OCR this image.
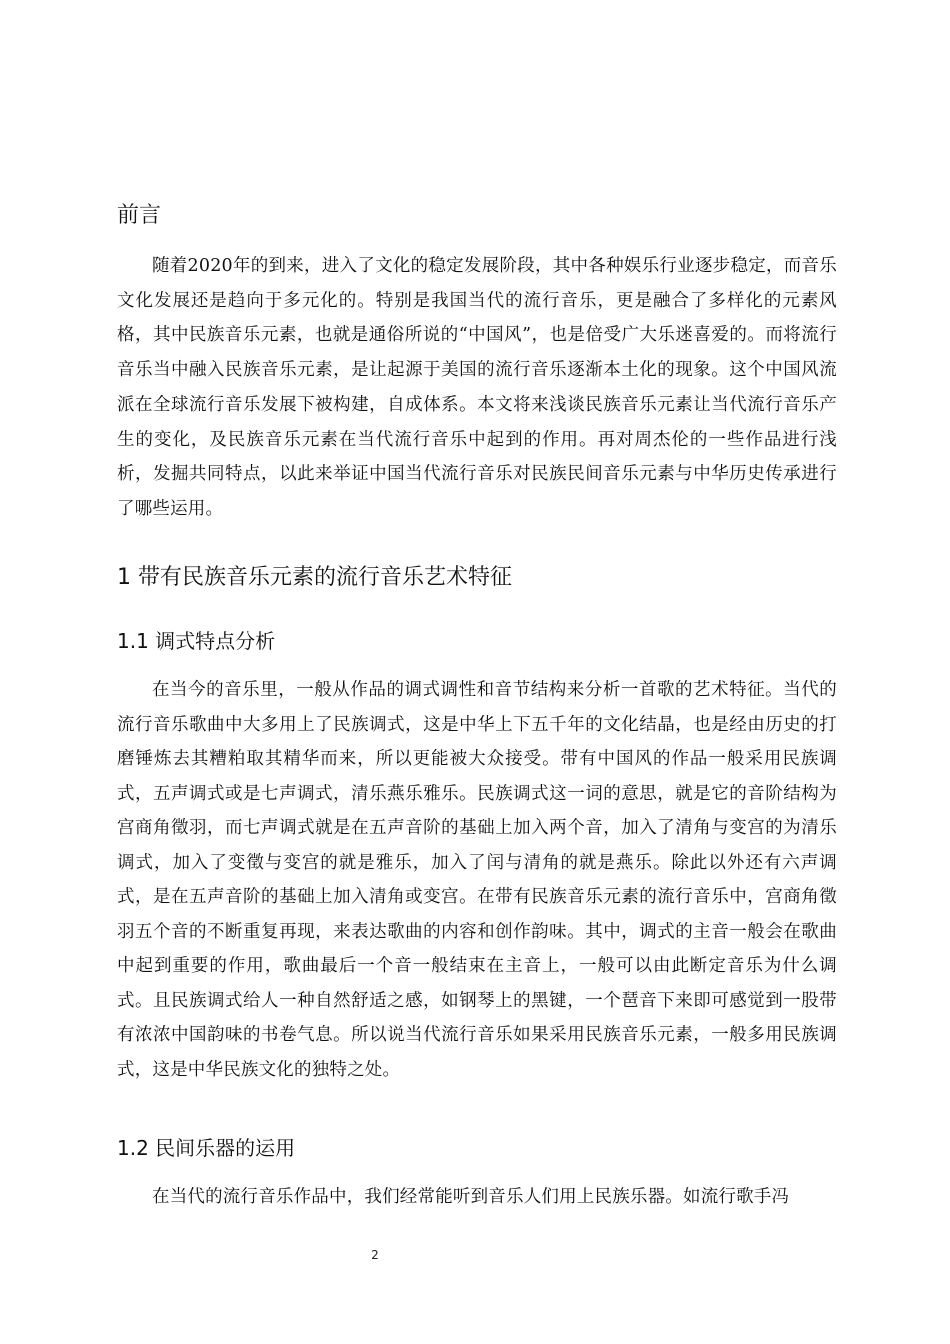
前言

随着2020年的到来，进入了文化的稳定发展阶段，其中各种娱乐行业逐步稳定，而音乐文化发展还是趋向于多元化的。特别是我国当代的流行音乐，更是融合了多样化的元素风格，其中民族音乐元素，也就是通俗所说的“中国风”，也是倍受广大乐迷喜爱的。而将流行音乐当中融入民族音乐元素，是让起源于美国的流行音乐逐渐本土化的现象。这个中国风流派在全球流行音乐发展下被构建，自成体系。本文将来浅谈民族音乐元素让当代流行音乐产生的变化，及民族音乐元素在当代流行音乐中起到的作用。再对周杰伦的一些作品进行浅析，发掘共同特点，以此来举证中国当代流行音乐对民族民间音乐元素与中华历史传承进行了哪些运用。

1 带有民族音乐元素的流行音乐艺术特征
1.1 调式特点分析

在当今的音乐里，一般从作品的调式调性和音节结构来分析一首歌的艺术特征。当代的流行音乐歌曲中大多用上了民族调式，这是中华上下五千年的文化结晶，也是经由历史的打磨锤炼去其糟粕取其精华而来，所以更能被大众接受。带有中国风的作品一般采用民族调式，五声调式或是七声调式，清乐燕乐雅乐。民族调式这一词的意思，就是它的音阶结构为宫商角徵羽，而七声调式就是在五声音阶的基础上加入两个音，加入了清角与变宫的为清乐调式，加入了变徵与变宫的就是雅乐，加入了闰与清角的就是燕乐。除此以外还有六声调式，是在五声音阶的基础上加入清角或变宫。在带有民族音乐元素的流行音乐中，宫商角徵羽五个音的不断重复再现，来表达歌曲的内容和创作韵味。其中，调式的主音一般会在歌曲中起到重要的作用，歌曲最后一个音一般结束在主音上，一般可以由此断定音乐为什么调式。且民族调式给人一种自然舒适之感，如钢琴上的黑键，一个琶音下来即可感觉到一股带有浓浓中国韵味的书卷气息。所以说当代流行音乐如果采用民族音乐元素，一般多用民族调式，这是中华民族文化的独特之处。

1.2 民间乐器的运用

在当代的流行音乐作品中，我们经常能听到音乐人们用上民族乐器。如流行歌手冯

2
